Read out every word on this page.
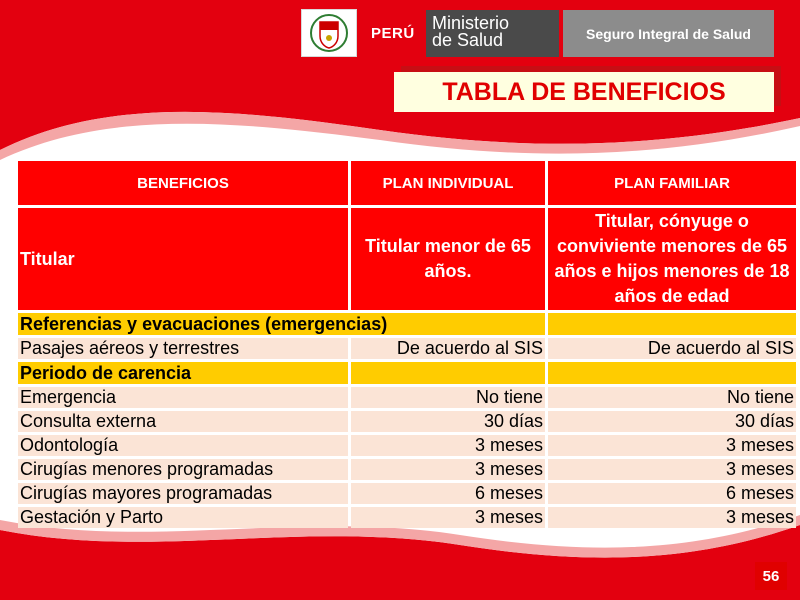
PERÚ
Ministerio
de Salud	Seguro Integral de Salud
TABLA DE BENEFICIOS
BENEFICIOS	PLAN INDIVIDUAL	PLAN FAMILIAR
Titular	Titular menor de 65 años.	Titular, cónyuge o conviviente menores de 65 años e hijos menores de 18 años de edad
Referencias y evacuaciones (emergencias)		
Pasajes aéreos y terrestres	De acuerdo al SIS	De acuerdo al SIS
Periodo de carencia		
Emergencia	No tiene	No tiene
Consulta externa	30 días	30 días
Odontología	3 meses	3 meses
Cirugías menores programadas	3 meses	3 meses
Cirugías mayores programadas	6 meses	6 meses
Gestación y Parto	3 meses	3 meses
56
